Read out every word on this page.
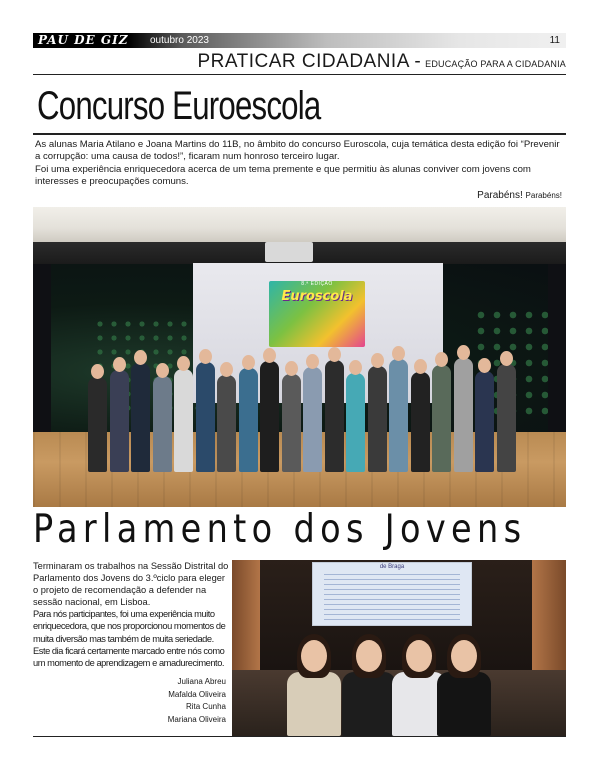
PAU DE GIZ outubro 2023	11
PRATICAR CIDADANIA - EDUCAÇÃO PARA A CIDADANIA
Concurso Euroescola

As alunas Maria Atilano e Joana Martins do 11B, no âmbito do concurso Euroscola, cuja temática desta edição foi “Prevenir a corrupção: uma causa de todos!”, ficaram num honroso terceiro lugar.

Foi uma experiência enriquecedora acerca de um tema premente e que permitiu às alunas conviver com jovens com interesses e preocupações comuns.

Parabéns! Parabéns!
8.ª EDIÇÃO
Euroscola
Parlamento dos Jovens

Terminaram os trabalhos na Sessão Distrital do Parlamento dos Jovens do 3.ºciclo para eleger o projeto de recomendação a defender na sessão nacional, em Lisboa.

Para nós participantes, foi uma experiência muito enriquecedora, que nos proporcionou momentos de muita diversão mas também de muita seriedade. Este dia ficará certamente marcado entre nós como um momento de aprendizagem e amadurecimento.

Juliana Abreu
Mafalda Oliveira
Rita Cunha
Mariana Oliveira
de Braga
